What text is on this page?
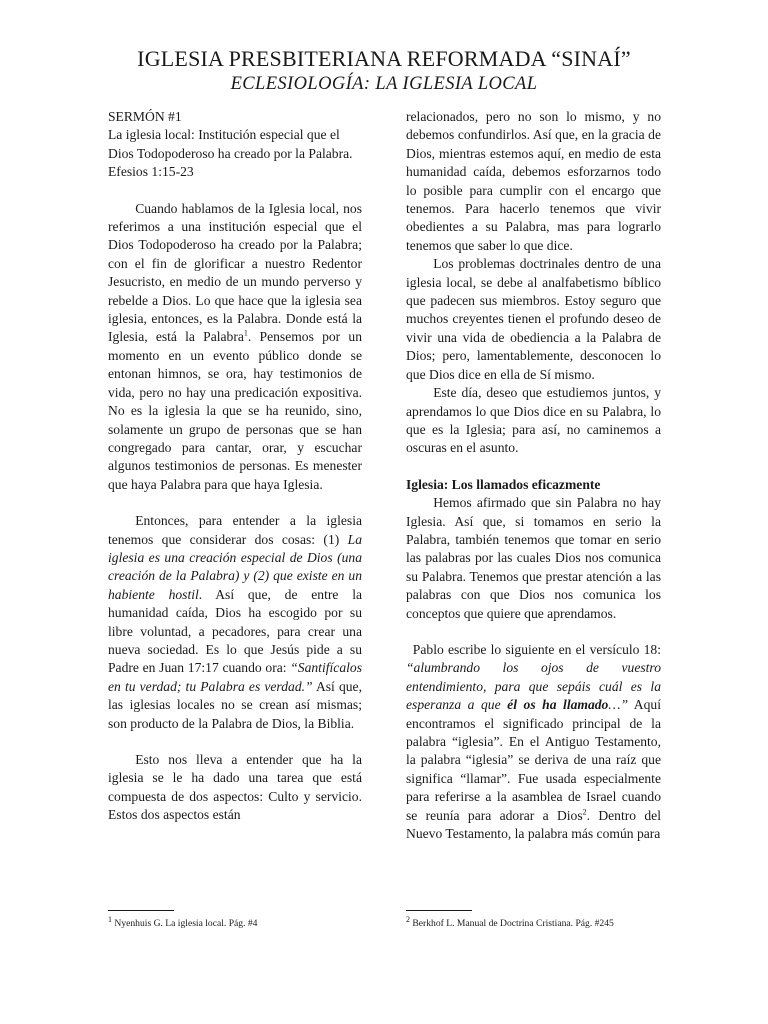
IGLESIA PRESBITERIANA REFORMADA “SINAÍ”
ECLESIOLOGÍA: LA IGLESIA LOCAL

SERMÓN #1

La iglesia local: Institución especial que el Dios Todopoderoso ha creado por la Palabra.

Efesios 1:15-23

Cuando hablamos de la Iglesia local, nos referimos a una institución especial que el Dios Todopoderoso ha creado por la Palabra; con el fin de glorificar a nuestro Redentor Jesucristo, en medio de un mundo perverso y rebelde a Dios. Lo que hace que la iglesia sea iglesia, entonces, es la Palabra. Donde está la Iglesia, está la Palabra$^1$. Pensemos por un momento en un evento público donde se entonan himnos, se ora, hay testimonios de vida, pero no hay una predicación expositiva. No es la iglesia la que se ha reunido, sino, solamente un grupo de personas que se han congregado para cantar, orar, y escuchar algunos testimonios de personas. Es menester que haya Palabra para que haya Iglesia.

Entonces, para entender a la iglesia tenemos que considerar dos cosas: (1) La iglesia es una creación especial de Dios (una creación de la Palabra) y (2) que existe en un habiente hostil. Así que, de entre la humanidad caída, Dios ha escogido por su libre voluntad, a pecadores, para crear una nueva sociedad. Es lo que Jesús pide a su Padre en Juan 17:17 cuando ora: “Santifícalos en tu verdad; tu Palabra es verdad.” Así que, las iglesias locales no se crean así mismas; son producto de la Palabra de Dios, la Biblia.

Esto nos lleva a entender que ha la iglesia se le ha dado una tarea que está compuesta de dos aspectos: Culto y servicio. Estos dos aspectos están

relacionados, pero no son lo mismo, y no debemos confundirlos. Así que, en la gracia de Dios, mientras estemos aquí, en medio de esta humanidad caída, debemos esforzarnos todo lo posible para cumplir con el encargo que tenemos. Para hacerlo tenemos que vivir obedientes a su Palabra, mas para lograrlo tenemos que saber lo que dice.

Los problemas doctrinales dentro de una iglesia local, se debe al analfabetismo bíblico que padecen sus miembros. Estoy seguro que muchos creyentes tienen el profundo deseo de vivir una vida de obediencia a la Palabra de Dios; pero, lamentablemente, desconocen lo que Dios dice en ella de Sí mismo.

Este día, deseo que estudiemos juntos, y aprendamos lo que Dios dice en su Palabra, lo que es la Iglesia; para así, no caminemos a oscuras en el asunto.

Iglesia: Los llamados eficazmente

Hemos afirmado que sin Palabra no hay Iglesia. Así que, si tomamos en serio la Palabra, también tenemos que tomar en serio las palabras por las cuales Dios nos comunica su Palabra. Tenemos que prestar atención a las palabras con que Dios nos comunica los conceptos que quiere que aprendamos.

Pablo escribe lo siguiente en el versículo 18: “alumbrando los ojos de vuestro entendimiento, para que sepáis cuál es la esperanza a que él os ha llamado…” Aquí encontramos el significado principal de la palabra “iglesia”. En el Antiguo Testamento, la palabra “iglesia” se deriva de una raíz que significa “llamar”. Fue usada especialmente para referirse a la asamblea de Israel cuando se reunía para adorar a Dios$^2$. Dentro del Nuevo Testamento, la palabra más común para

$^1$ Nyenhuis G. La iglesia local. Pág. #4	$^2$ Berkhof L. Manual de Doctrina Cristiana. Pág. #245
